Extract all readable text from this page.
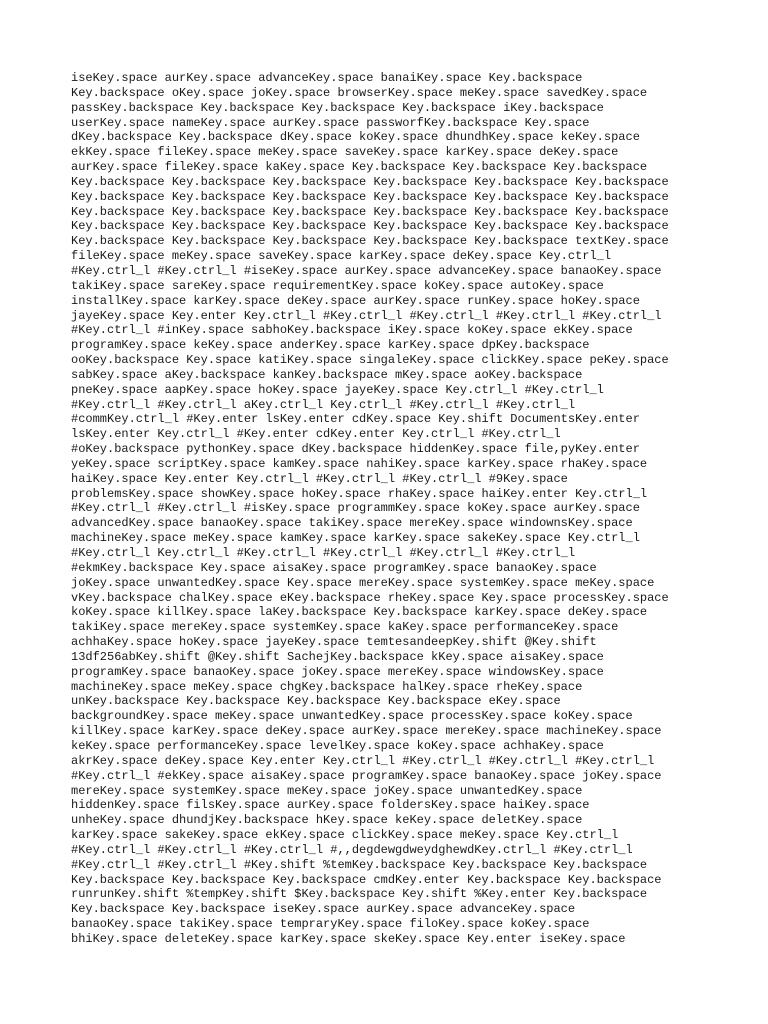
iseKey.space aurKey.space advanceKey.space banaiKey.space Key.backspace
Key.backspace oKey.space joKey.space browserKey.space meKey.space savedKey.space
passKey.backspace Key.backspace Key.backspace Key.backspace iKey.backspace
userKey.space nameKey.space aurKey.space passworfKey.backspace Key.space
dKey.backspace Key.backspace dKey.space koKey.space dhundhKey.space keKey.space
ekKey.space fileKey.space meKey.space saveKey.space karKey.space deKey.space
aurKey.space fileKey.space kaKey.space Key.backspace Key.backspace Key.backspace
Key.backspace Key.backspace Key.backspace Key.backspace Key.backspace Key.backspace
Key.backspace Key.backspace Key.backspace Key.backspace Key.backspace Key.backspace
Key.backspace Key.backspace Key.backspace Key.backspace Key.backspace Key.backspace
Key.backspace Key.backspace Key.backspace Key.backspace Key.backspace Key.backspace
Key.backspace Key.backspace Key.backspace Key.backspace Key.backspace textKey.space
fileKey.space meKey.space saveKey.space karKey.space deKey.space Key.ctrl_l
#Key.ctrl_l #Key.ctrl_l #iseKey.space aurKey.space advanceKey.space banaoKey.space
takiKey.space sareKey.space requirementKey.space koKey.space autoKey.space
installKey.space karKey.space deKey.space aurKey.space runKey.space hoKey.space
jayeKey.space Key.enter Key.ctrl_l #Key.ctrl_l #Key.ctrl_l #Key.ctrl_l #Key.ctrl_l
#Key.ctrl_l #inKey.space sabhoKey.backspace iKey.space koKey.space ekKey.space
programKey.space keKey.space anderKey.space karKey.space dpKey.backspace
ooKey.backspace Key.space katiKey.space singaleKey.space clickKey.space peKey.space
sabKey.space aKey.backspace kanKey.backspace mKey.space aoKey.backspace
pneKey.space aapKey.space hoKey.space jayeKey.space Key.ctrl_l #Key.ctrl_l
#Key.ctrl_l #Key.ctrl_l aKey.ctrl_l Key.ctrl_l #Key.ctrl_l #Key.ctrl_l
#commKey.ctrl_l #Key.enter lsKey.enter cdKey.space Key.shift DocumentsKey.enter
lsKey.enter Key.ctrl_l #Key.enter cdKey.enter Key.ctrl_l #Key.ctrl_l
#oKey.backspace pythonKey.space dKey.backspace hiddenKey.space file,pyKey.enter
yeKey.space scriptKey.space kamKey.space nahiKey.space karKey.space rhaKey.space
haiKey.space Key.enter Key.ctrl_l #Key.ctrl_l #Key.ctrl_l #9Key.space
problemsKey.space showKey.space hoKey.space rhaKey.space haiKey.enter Key.ctrl_l
#Key.ctrl_l #Key.ctrl_l #isKey.space programmKey.space koKey.space aurKey.space
advancedKey.space banaoKey.space takiKey.space mereKey.space windownsKey.space
machineKey.space meKey.space kamKey.space karKey.space sakeKey.space Key.ctrl_l
#Key.ctrl_l Key.ctrl_l #Key.ctrl_l #Key.ctrl_l #Key.ctrl_l #Key.ctrl_l
#ekmKey.backspace Key.space aisaKey.space programKey.space banaoKey.space
joKey.space unwantedKey.space Key.space mereKey.space systemKey.space meKey.space
vKey.backspace chalKey.space eKey.backspace rheKey.space Key.space processKey.space
koKey.space killKey.space laKey.backspace Key.backspace karKey.space deKey.space
takiKey.space mereKey.space systemKey.space kaKey.space performanceKey.space
achhaKey.space hoKey.space jayeKey.space temtesandeepKey.shift @Key.shift
13df256abKey.shift @Key.shift SachejKey.backspace kKey.space aisaKey.space
programKey.space banaoKey.space joKey.space mereKey.space windowsKey.space
machineKey.space meKey.space chgKey.backspace halKey.space rheKey.space
unKey.backspace Key.backspace Key.backspace Key.backspace eKey.space
backgroundKey.space meKey.space unwantedKey.space processKey.space koKey.space
killKey.space karKey.space deKey.space aurKey.space mereKey.space machineKey.space
keKey.space performanceKey.space levelKey.space koKey.space achhaKey.space
akrKey.space deKey.space Key.enter Key.ctrl_l #Key.ctrl_l #Key.ctrl_l #Key.ctrl_l
#Key.ctrl_l #ekKey.space aisaKey.space programKey.space banaoKey.space joKey.space
mereKey.space systemKey.space meKey.space joKey.space unwantedKey.space
hiddenKey.space filsKey.space aurKey.space foldersKey.space haiKey.space
unheKey.space dhundjKey.backspace hKey.space keKey.space deletKey.space
karKey.space sakeKey.space ekKey.space clickKey.space meKey.space Key.ctrl_l
#Key.ctrl_l #Key.ctrl_l #Key.ctrl_l #,,degdewgdweydghewdKey.ctrl_l #Key.ctrl_l
#Key.ctrl_l #Key.ctrl_l #Key.shift %temKey.backspace Key.backspace Key.backspace
Key.backspace Key.backspace Key.backspace cmdKey.enter Key.backspace Key.backspace
runrunKey.shift %tempKey.shift $Key.backspace Key.shift %Key.enter Key.backspace
Key.backspace Key.backspace iseKey.space aurKey.space advanceKey.space
banaoKey.space takiKey.space tempraryKey.space filoKey.space koKey.space
bhiKey.space deleteKey.space karKey.space skeKey.space Key.enter iseKey.space
